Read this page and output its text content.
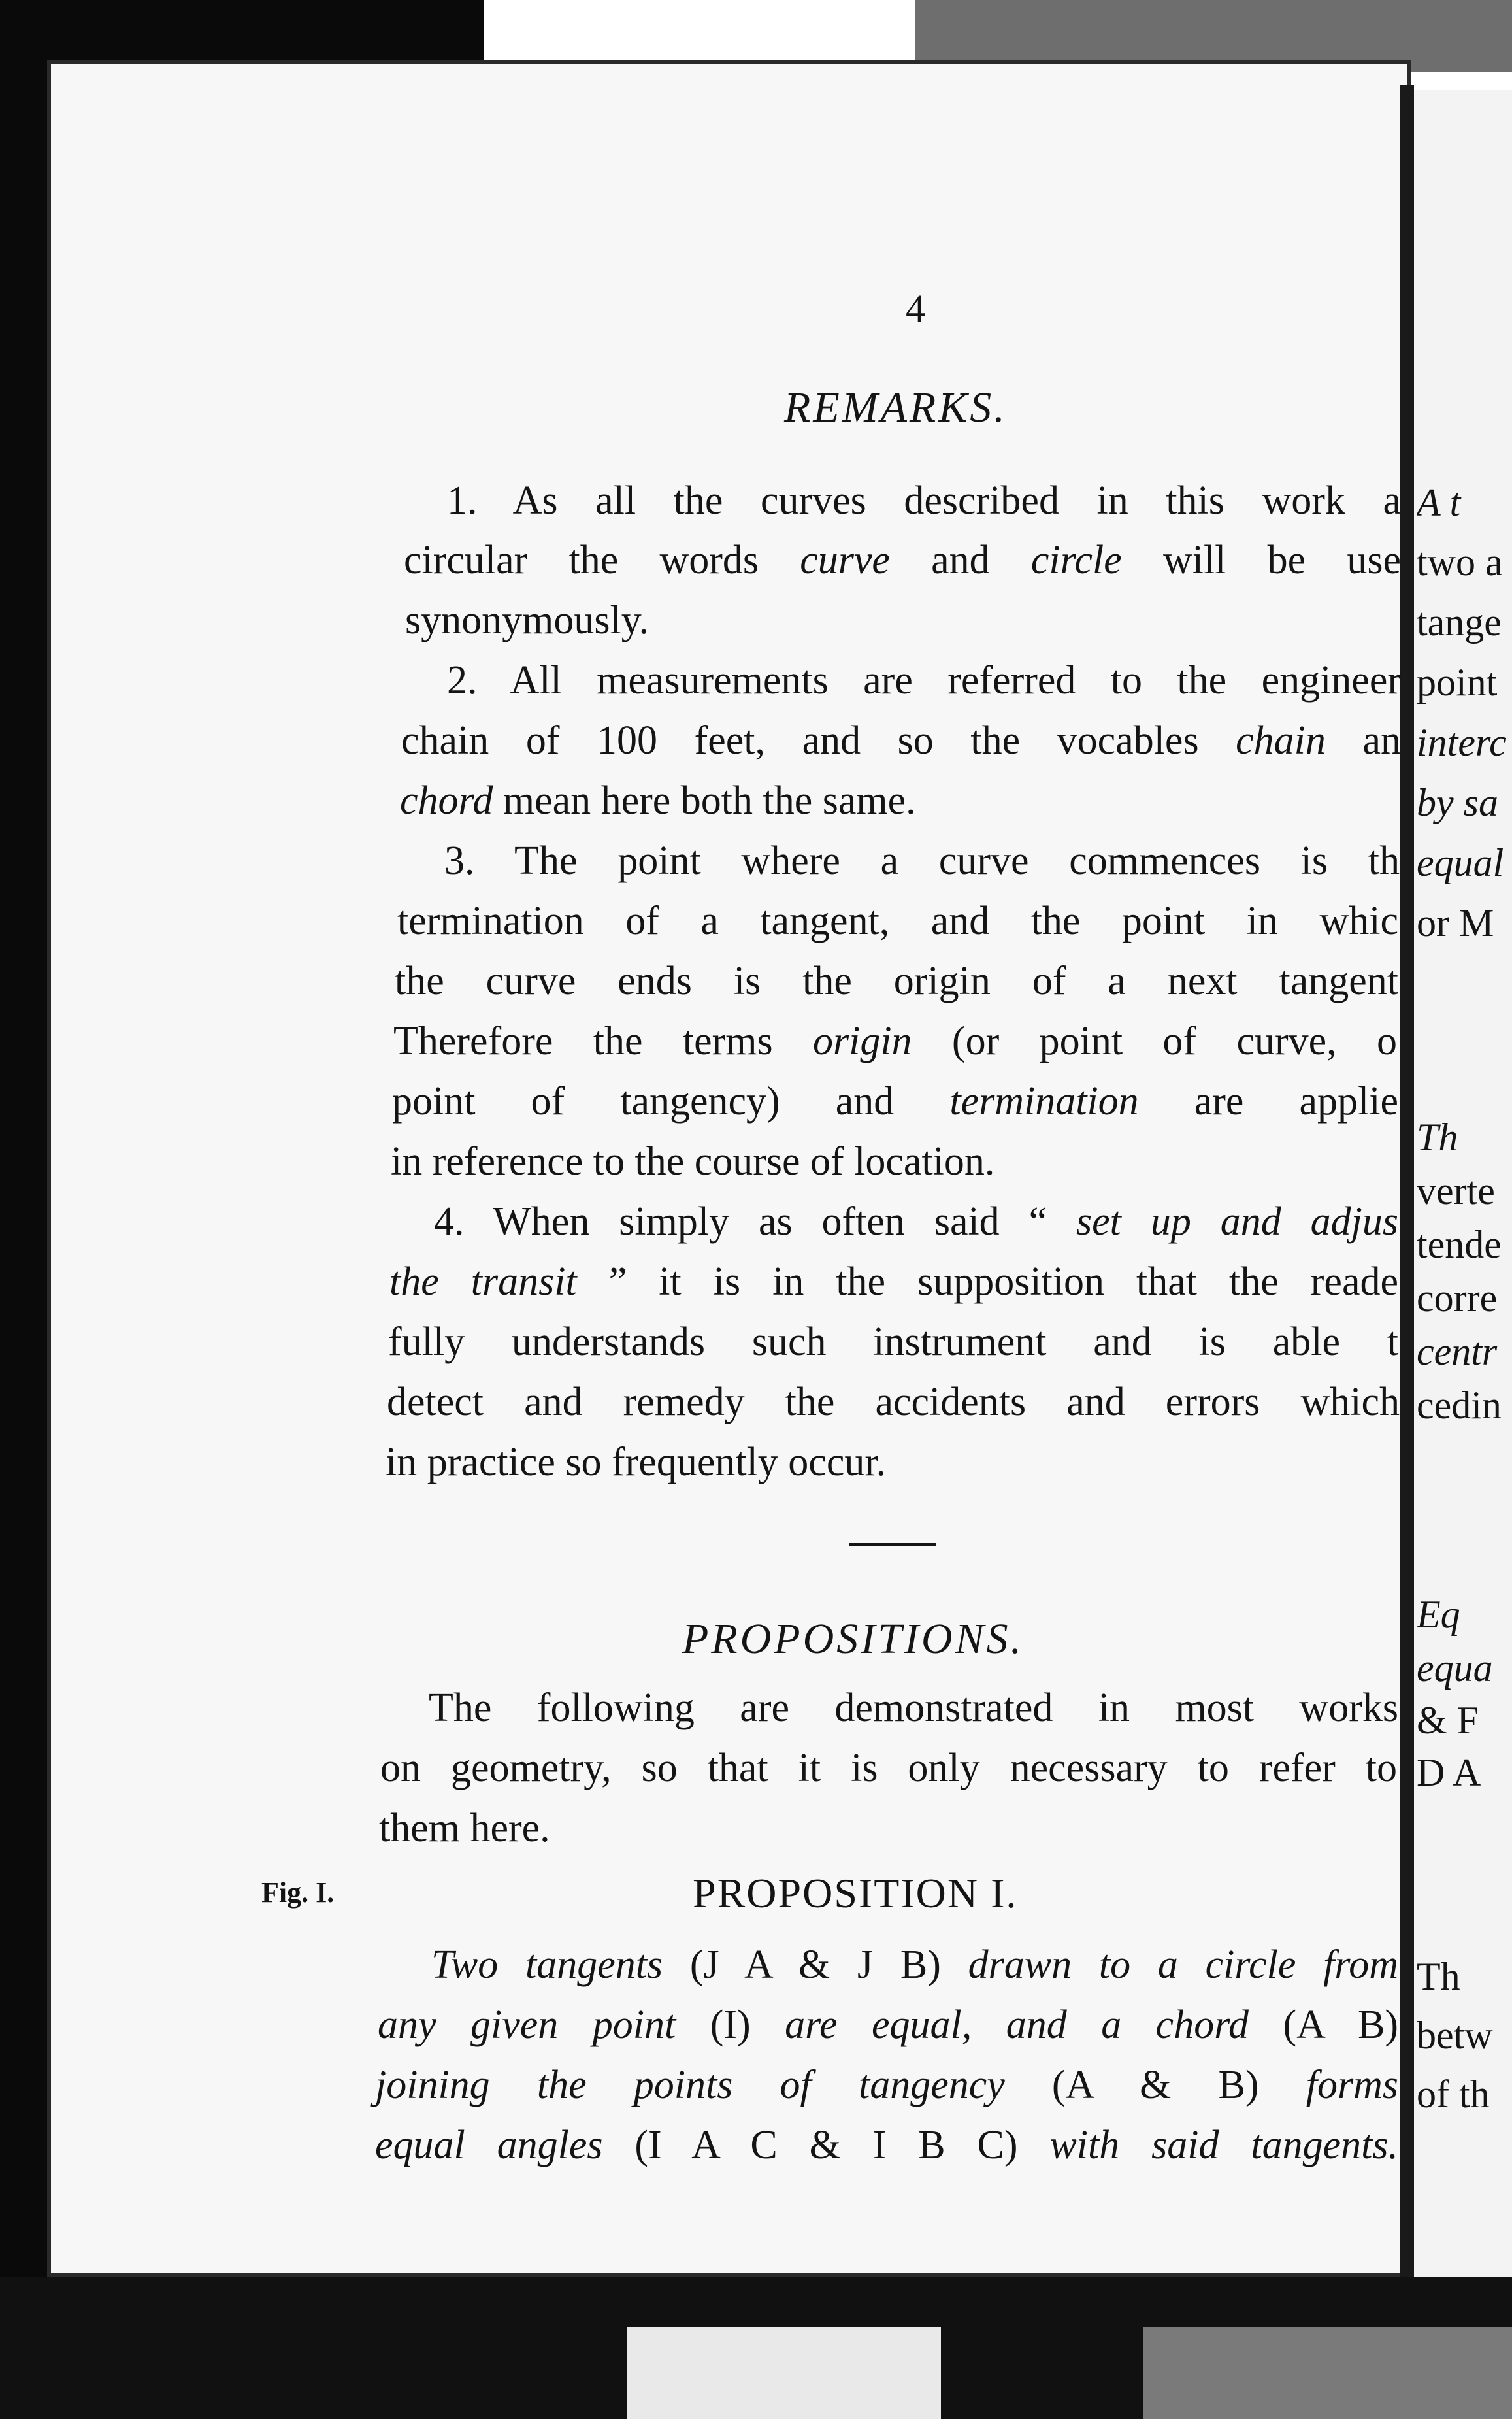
4
REMARKS.
1. As all the curves described in this work a
circular the words curve and circle will be use
synonymously.
2. All measurements are referred to the engineer
chain of 100 feet, and so the vocables chain an
chord mean here both the same.
3. The point where a curve commences is th
termination of a tangent, and the point in whic
the curve ends is the origin of a next tangent
Therefore the terms origin (or point of curve, o
point of tangency) and termination are applie
in reference to the course of location.
4. When simply as often said “ set up and adjus
the transit ” it is in the supposition that the reade
fully understands such instrument and is able t
detect and remedy the accidents and errors which
in practice so frequently occur.
PROPOSITIONS.
The following are demonstrated in most works
on geometry, so that it is only necessary to refer to
them here.
Fig. I.	PROPOSITION I.
Two tangents (J A & J B) drawn to a circle from
any given point (I) are equal, and a chord (A B)
joining the points of tangency (A & B) forms
equal angles (I A C & I B C) with said tangents.
A t
two a
tange
point
interc
by sa
equal
or M
Th
verte
tende
corre
centr
cedin
Eq
equa
& F
D A
Th
betw
of th
